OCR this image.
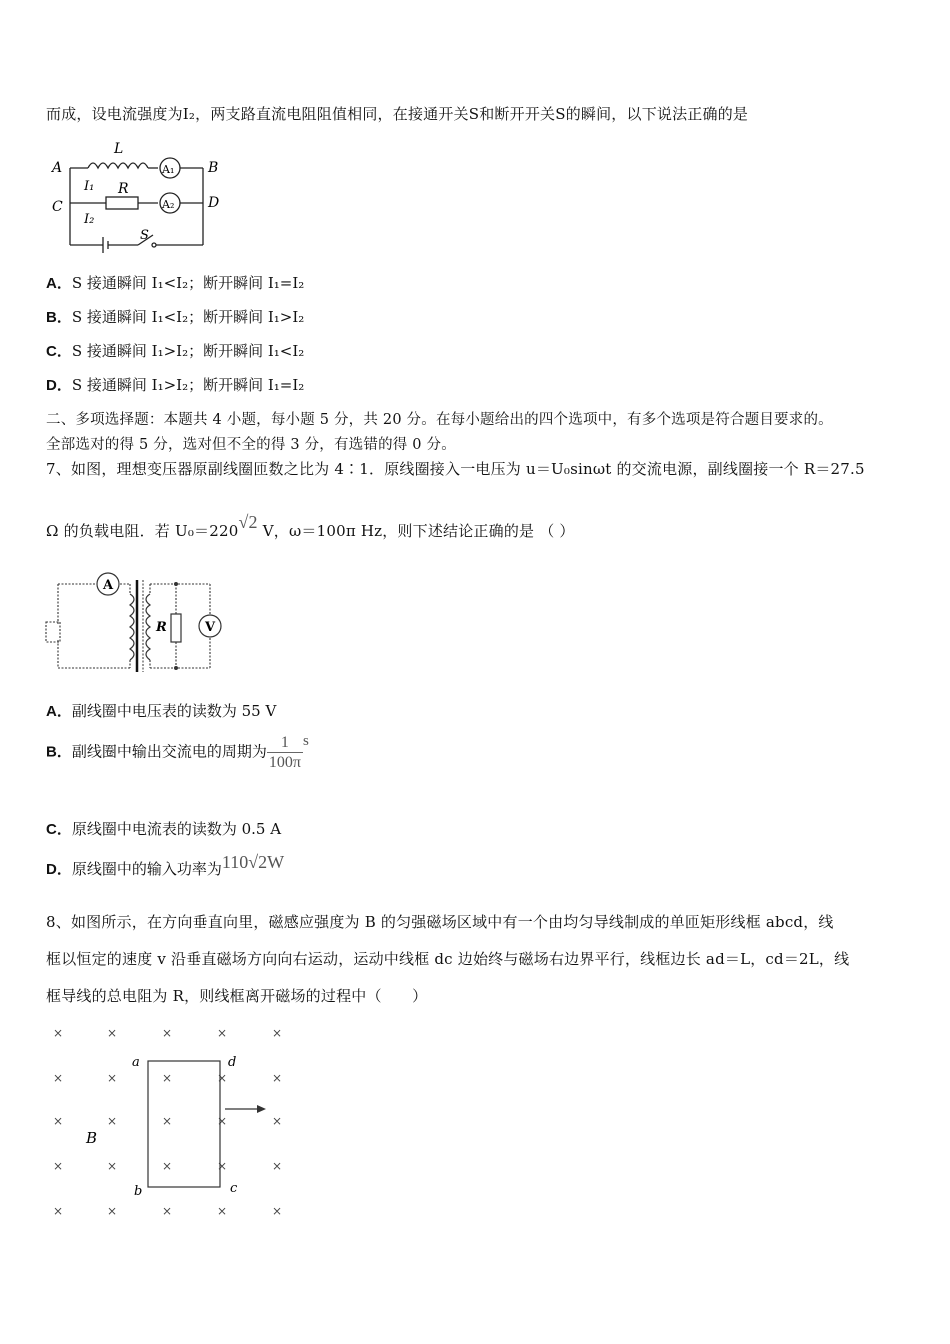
而成，设电流强度为I₂，两支路直流电阻阻值相同，在接通开关S和断开开关S的瞬间，以下说法正确的是
A	B
C	D
L
R
I₁
I₂
A₁
A₂
S
A．S 接通瞬间 I₁<I₂；断开瞬间 I₁=I₂
B．S 接通瞬间 I₁<I₂；断开瞬间 I₁>I₂
C．S 接通瞬间 I₁>I₂；断开瞬间 I₁<I₂
D．S 接通瞬间 I₁>I₂；断开瞬间 I₁=I₂
二、多项选择题：本题共 4 小题，每小题 5 分，共 20 分。在每小题给出的四个选项中，有多个选项是符合题目要求的。
全部选对的得 5 分，选对但不全的得 3 分，有选错的得 0 分。
7、如图，理想变压器原副线圈匝数之比为 4∶1．原线圈接入一电压为 u＝U₀sinωt 的交流电源，副线圈接一个 R＝27.5
Ω 的负载电阻．若 U₀＝220√2 V，ω＝100π Hz，则下述结论正确的是 （ ）
A
R	V
A．副线圈中电压表的读数为 55 V
B．副线圈中输出交流电的周期为 $\frac{1}{100\pi}$ s
C．原线圈中电流表的读数为 0.5 A
D．原线圈中的输入功率为110√2W
8、如图所示，在方向垂直向里，磁感应强度为 B 的匀强磁场区域中有一个由均匀导线制成的单匝矩形线框 abcd，线
框以恒定的速度 v 沿垂直磁场方向向右运动，运动中线框 dc 边始终与磁场右边界平行，线框边长 ad＝L，cd＝2L，线
框导线的总电阻为 R，则线框离开磁场的过程中（　　）
×	×	×	×	×
×	×	×	×	×
×	×	×	×	×
×	×	×	×	×
×	×	×	×	×
a	d
b	c
B
